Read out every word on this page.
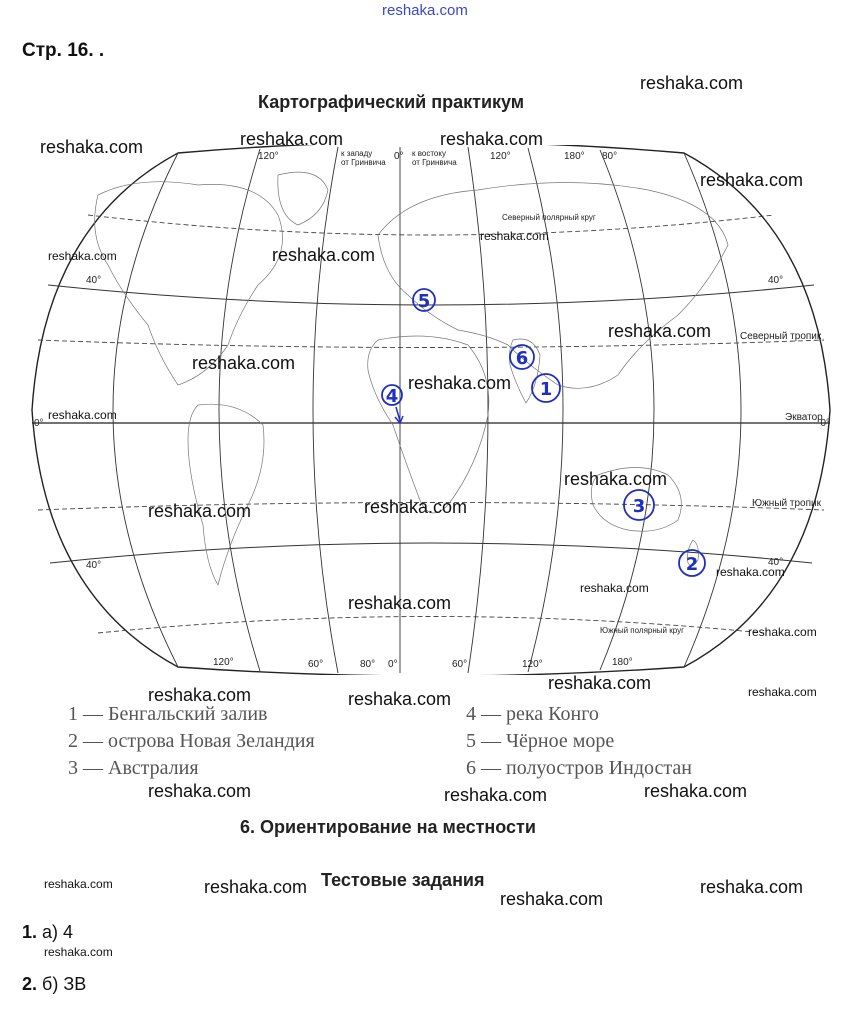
reshaka.com
Стр. 16. .
Картографический практикум
120°	к западу
от Гринвича
0° к востоку
от Гринвича
120°	180° 80°
120°	60°	80° 0°	60°	120°	180°
Северный полярный круг
40°	40°
Северный тропик
0°
Экватор
0°
Южный тропик
40°	40°
Южный полярный круг
5
6
1
4
3
2
reshaka.com
reshaka.com	reshaka.com	reshaka.com
reshaka.com
reshaka.com
reshaka.com	reshaka.com
reshaka.com
reshaka.com
reshaka.com
reshaka.com
reshaka.com
reshaka.com
reshaka.com
reshaka.com
reshaka.com
reshaka.com
reshaka.com
reshaka.com	reshaka.com
reshaka.com	reshaka.com
1 — Бенгальский залив
2 — острова Новая Зеландия
3 — Австралия
4 — река Конго
5 — Чёрное море
6 — полуостров Индостан
reshaka.com	reshaka.com	reshaka.com
6. Ориентирование на местности
Тестовые задания
reshaka.com	reshaka.com	reshaka.com
reshaka.com
1. а) 4
reshaka.com
2. б) ЗВ
